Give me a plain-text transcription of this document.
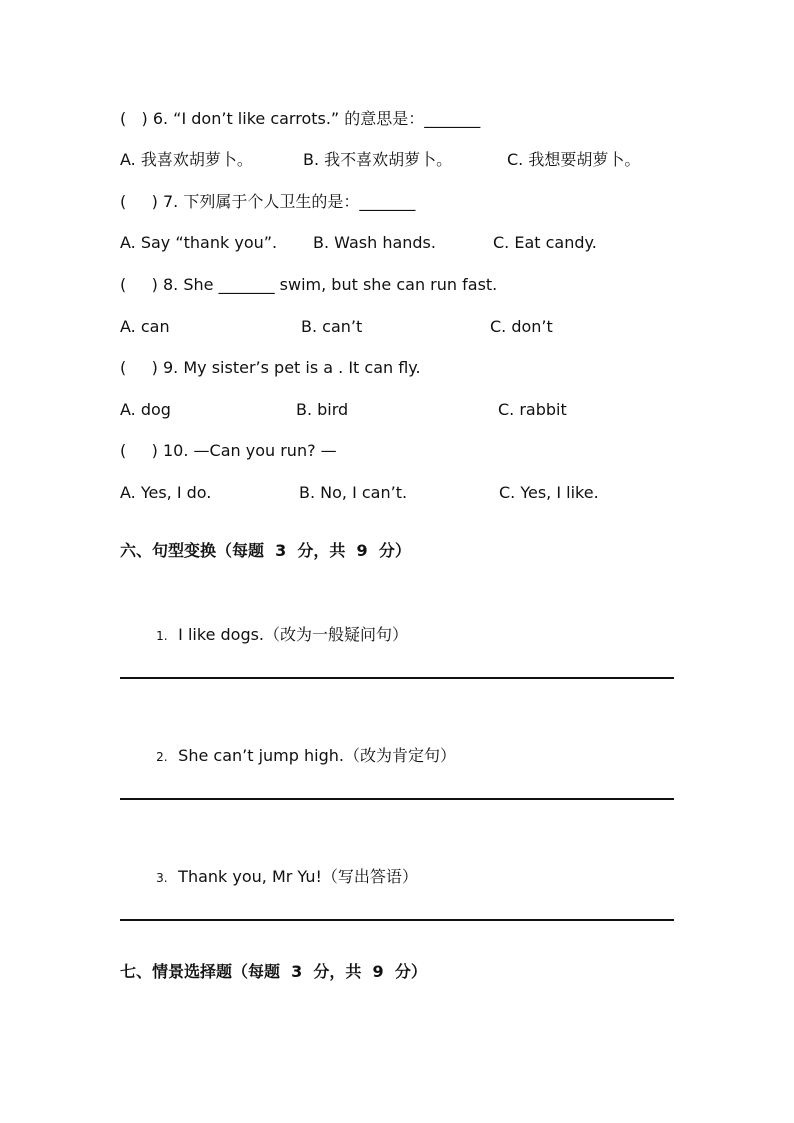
(   ) 6. “I don’t like carrots.” 的意思是：_______
A. 我喜欢胡萝卜。	B. 我不喜欢胡萝卜。	C. 我想要胡萝卜。
(     ) 7. 下列属于个人卫生的是：_______
A. Say “thank you”. B. Wash hands.	C. Eat candy.
(     ) 8. She _______ swim, but she can run fast.
A. can	B. can’t	C. don’t
(     ) 9. My sister’s pet is a . It can fly.
A. dog	B. bird	C. rabbit
(     ) 10. —Can you run? —
A. Yes, I do.	B. No, I can’t.	C. Yes, I like.
六、句型变换（每题  3  分，共  9  分）

1. I like dogs.（改为一般疑问句）

2. She can’t jump high.（改为肯定句）

3. Thank you, Mr Yu!（写出答语）

七、情景选择题（每题  3  分，共  9  分）
